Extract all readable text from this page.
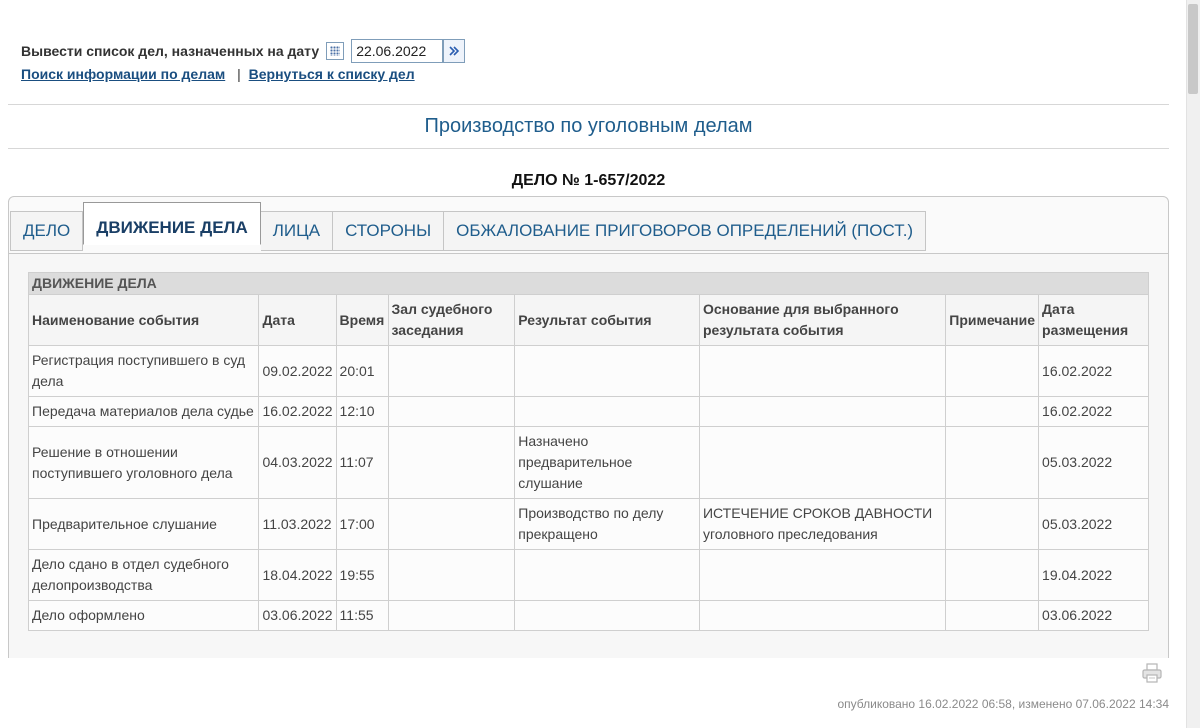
Вывести список дел, назначенных на дату
22.06.2022
Поиск информации по делам | Вернуться к списку дел
Производство по уголовным делам
ДЕЛО № 1-657/2022
ДЕЛО	ДВИЖЕНИЕ ДЕЛА	ЛИЦА	СТОРОНЫ	ОБЖАЛОВАНИЕ ПРИГОВОРОВ ОПРЕДЕЛЕНИЙ (ПОСТ.)
ДВИЖЕНИЕ ДЕЛА							
Наименование события	Дата	Время	Зал судебного заседания	Результат события	Основание для выбранного результата события	Примечание	Дата размещения
Регистрация поступившего в суд дела	09.02.2022	20:01					16.02.2022
Передача материалов дела судье	16.02.2022	12:10					16.02.2022
Решение в отношении поступившего уголовного дела	04.03.2022	11:07		Назначено предварительное слушание			05.03.2022
Предварительное слушание	11.03.2022	17:00		Производство по делу прекращено	ИСТЕЧЕНИЕ СРОКОВ ДАВНОСТИ уголовного преследования		05.03.2022
Дело сдано в отдел судебного делопроизводства	18.04.2022	19:55					19.04.2022
Дело оформлено	03.06.2022	11:55					03.06.2022
опубликовано 16.02.2022 06:58, изменено 07.06.2022 14:34
